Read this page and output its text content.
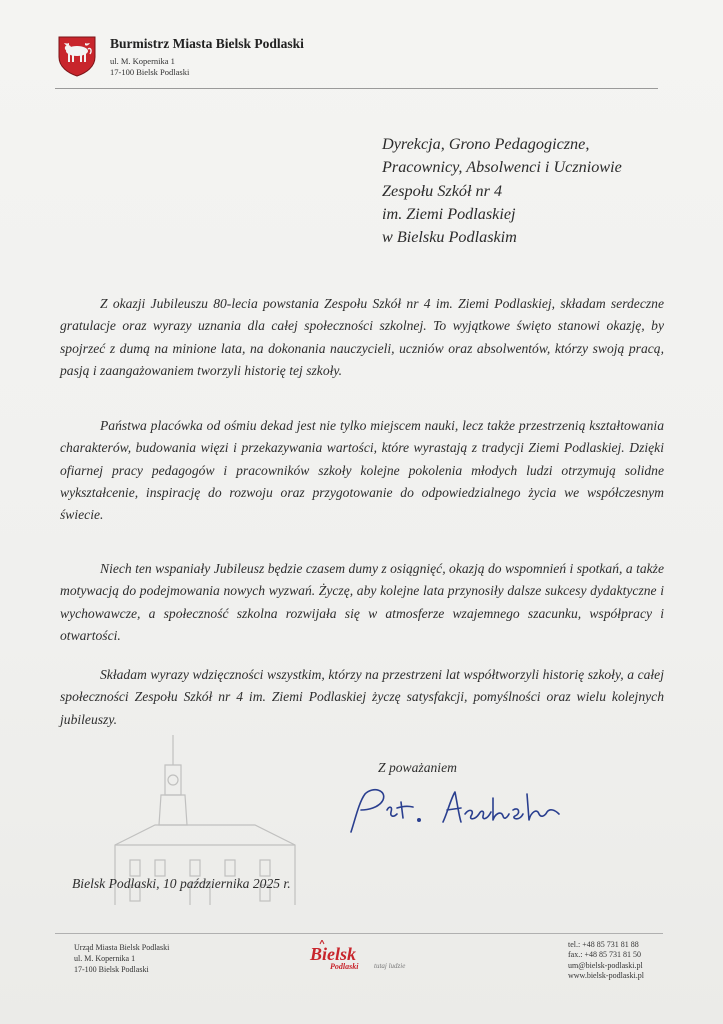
Burmistrz Miasta Bielsk Podlaski
ul. M. Kopernika 1
17-100 Bielsk Podlaski
Dyrekcja, Grono Pedagogiczne,
Pracownicy, Absolwenci i Uczniowie
Zespołu Szkół nr 4
im. Ziemi Podlaskiej
w Bielsku Podlaskim
Z okazji Jubileuszu 80-lecia powstania Zespołu Szkół nr 4 im. Ziemi Podlaskiej, składam serdeczne gratulacje oraz wyrazy uznania dla całej społeczności szkolnej. To wyjątkowe święto stanowi okazję, by spojrzeć z dumą na minione lata, na dokonania nauczycieli, uczniów oraz absolwentów, którzy swoją pracą, pasją i zaangażowaniem tworzyli historię tej szkoły.
Państwa placówka od ośmiu dekad jest nie tylko miejscem nauki, lecz także przestrzenią kształtowania charakterów, budowania więzi i przekazywania wartości, które wyrastają z tradycji Ziemi Podlaskiej. Dzięki ofiarnej pracy pedagogów i pracowników szkoły kolejne pokolenia młodych ludzi otrzymują solidne wykształcenie, inspirację do rozwoju oraz przygotowanie do odpowiedzialnego życia we współczesnym świecie.
Niech ten wspaniały Jubileusz będzie czasem dumy z osiągnięć, okazją do wspomnień i spotkań, a także motywacją do podejmowania nowych wyzwań. Życzę, aby kolejne lata przynosiły dalsze sukcesy dydaktyczne i wychowawcze, a społeczność szkolna rozwijała się w atmosferze wzajemnego szacunku, współpracy i otwartości.
Składam wyrazy wdzięczności wszystkim, którzy na przestrzeni lat współtworzyli historię szkoły, a całej społeczności Zespołu Szkół nr 4 im. Ziemi Podlaskiej życzę satysfakcji, pomyślności oraz wielu kolejnych jubileuszy.
Z poważaniem
Bielsk Podlaski, 10 października 2025 r.
Urząd Miasta Bielsk Podlaski
ul. M. Kopernika 1
17-100 Bielsk Podlaski
Bielsk
Podlaski tutaj ludzie
tel.: +48 85 731 81 88
fax.: +48 85 731 81 50
um@bielsk-podlaski.pl
www.bielsk-podlaski.pl
